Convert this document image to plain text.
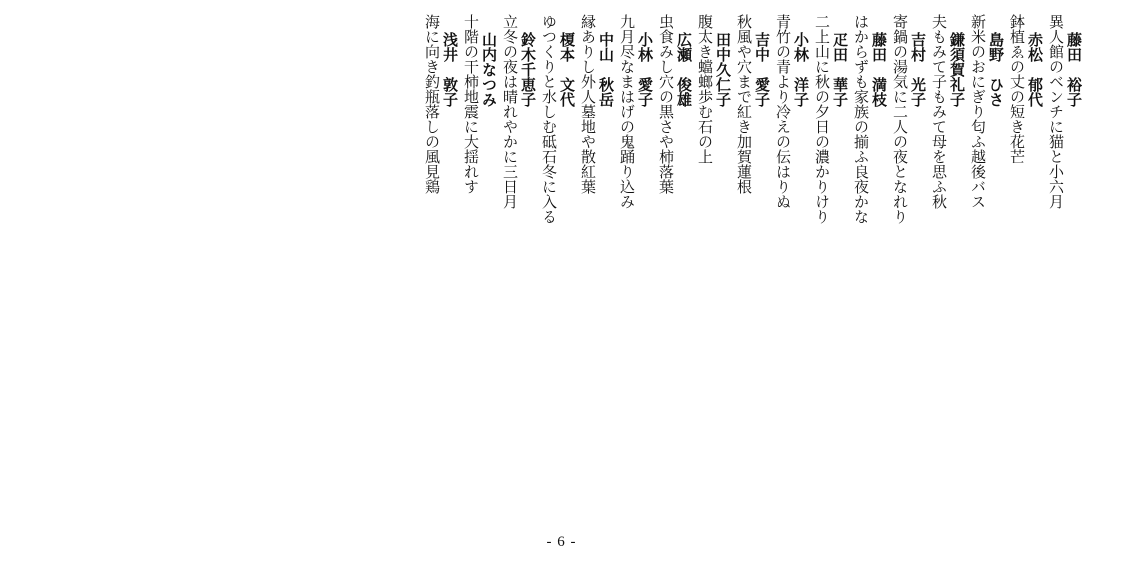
藤田　裕子
異人館のベンチに猫と小六月
赤松　郁代
鉢植ゑの丈の短き花芒
島野　ひさ
新米のおにぎり匂ふ越後バス
鎌須賀礼子
夫もみて子もみて母を思ふ秋
吉村　光子
寄鍋の湯気に二人の夜となれり
藤田　満枝
はからずも家族の揃ふ良夜かな
疋田　華子
二上山に秋の夕日の濃かりけり
小林　洋子
青竹の青より冷えの伝はりぬ
吉中　愛子
秋風や穴まで紅き加賀蓮根
田中久仁子
腹太き蟷螂歩む石の上
広瀬　俊雄
虫食みし穴の黒さや柿落葉
小林　愛子
九月尽なまはげの鬼踊り込み
中山　秋岳
縁ありし外人墓地や散紅葉
榎本　文代
ゆつくりと水しむ砥石冬に入る
鈴木千恵子
立冬の夜は晴れやかに三日月
山内なつみ
十階の干柿地震に大揺れす
浅井　敦子
海に向き釣瓶落しの風見鶏
- 6 -
